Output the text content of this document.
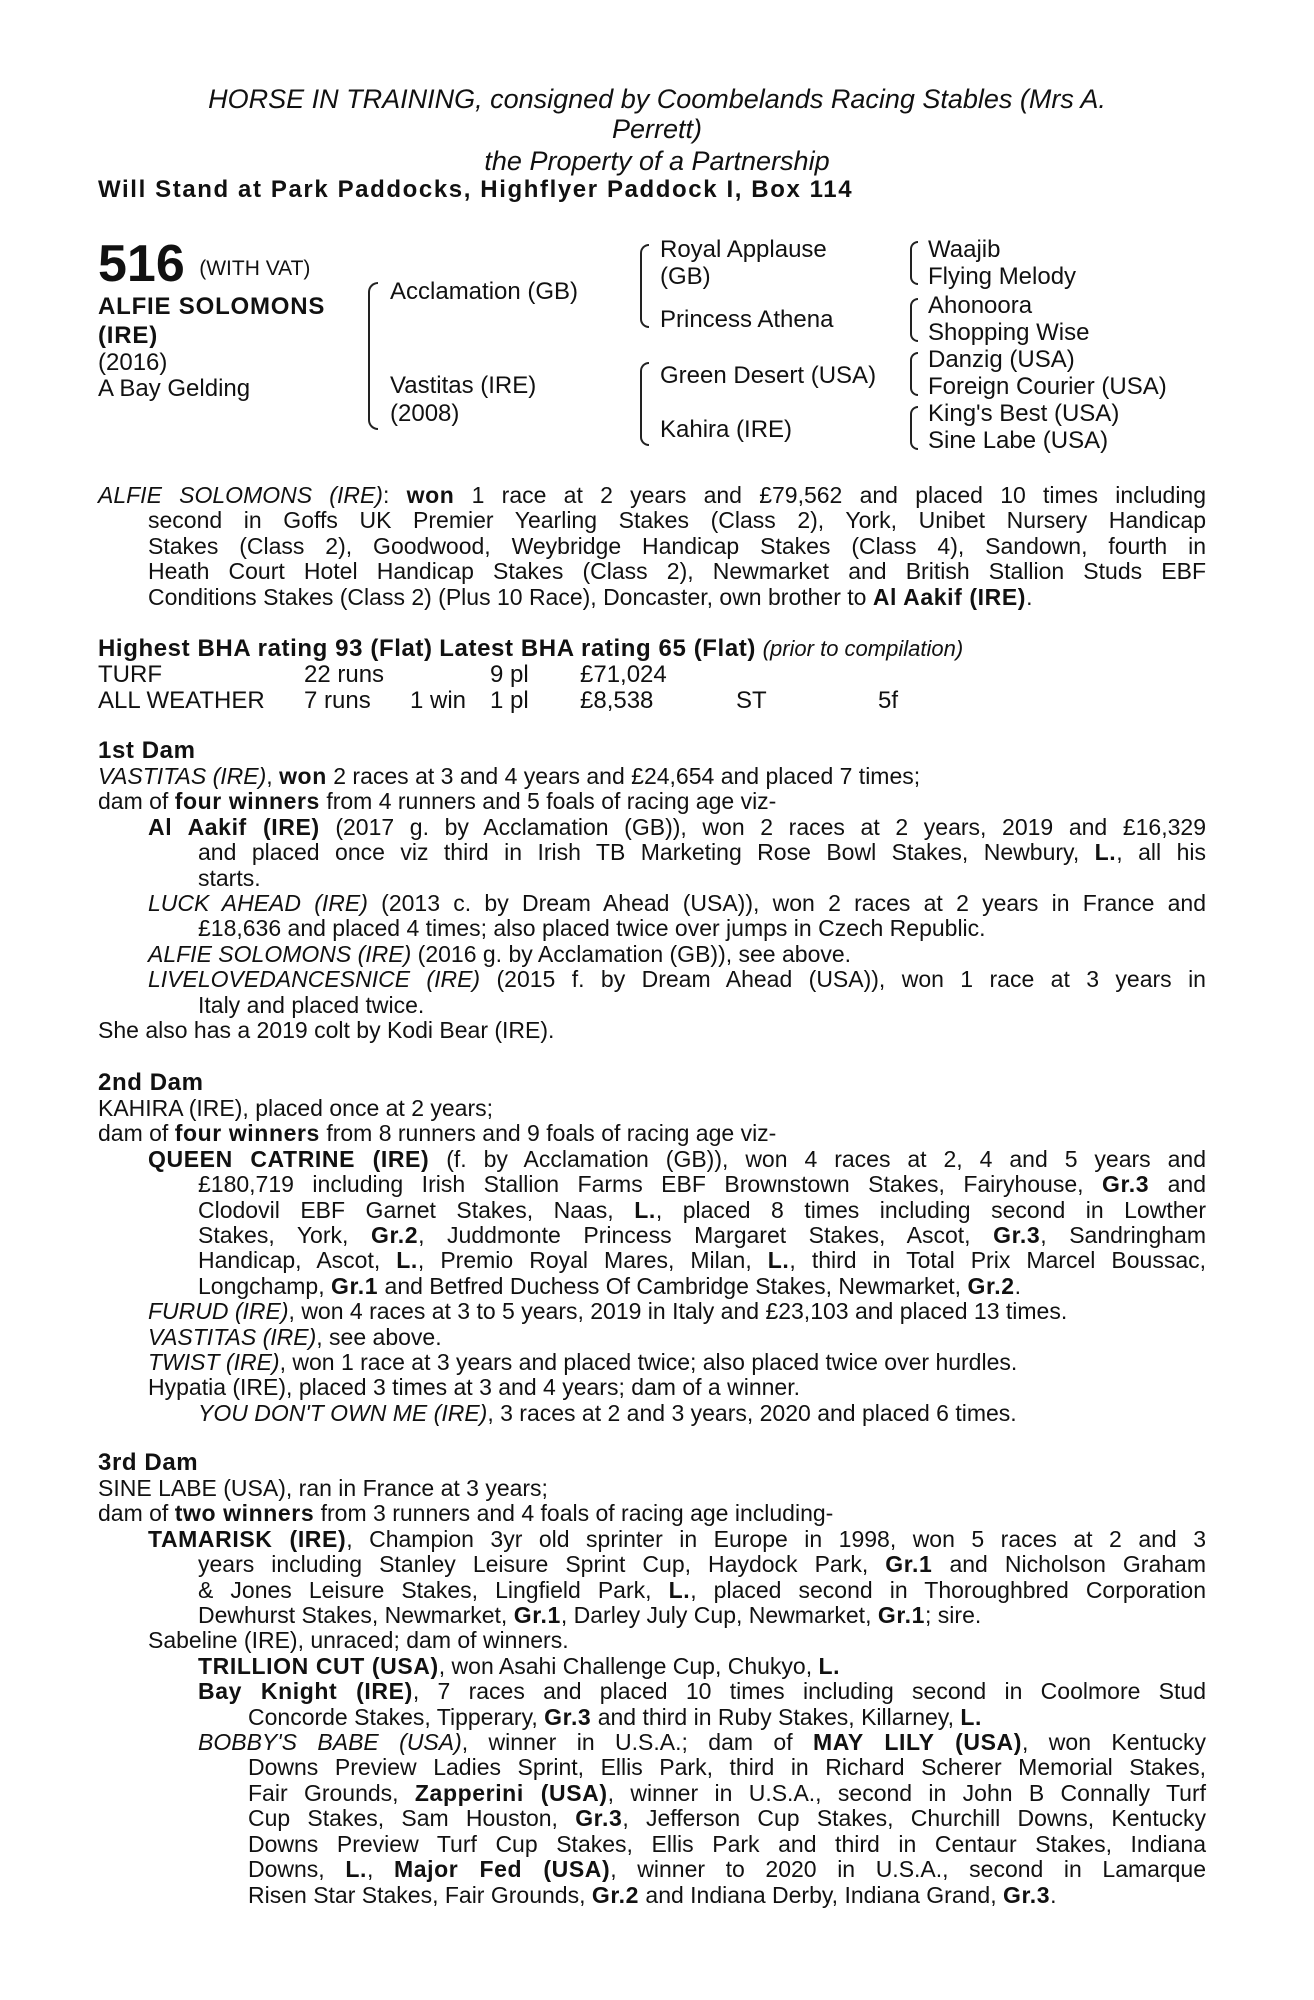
HORSE IN TRAINING, consigned by Coombelands Racing Stables (Mrs A.
Perrett)
the Property of a Partnership
Will Stand at Park Paddocks, Highflyer Paddock I, Box 114
516 (WITH VAT)
ALFIE SOLOMONS
(IRE)
(2016)
A Bay Gelding
Acclamation (GB)
Vastitas (IRE)
(2008)
Royal Applause
(GB)
Princess Athena
Green Desert (USA)
Kahira (IRE)
Waajib
Flying Melody
Ahonoora
Shopping Wise
Danzig (USA)
Foreign Courier (USA)
King's Best (USA)
Sine Labe (USA)
ALFIE SOLOMONS (IRE): won 1 race at 2 years and £79,562 and placed 10 times including
second in Goffs UK Premier Yearling Stakes (Class 2), York, Unibet Nursery Handicap
Stakes (Class 2), Goodwood, Weybridge Handicap Stakes (Class 4), Sandown, fourth in
Heath Court Hotel Handicap Stakes (Class 2), Newmarket and British Stallion Studs EBF
Conditions Stakes (Class 2) (Plus 10 Race), Doncaster, own brother to Al Aakif (IRE).
Highest BHA rating 93 (Flat) Latest BHA rating 65 (Flat) (prior to compilation)
TURF	22 runs	9 pl £71,024
ALL WEATHER 7 runs 1 win 1 pl £8,538	ST	5f
1st Dam
VASTITAS (IRE), won 2 races at 3 and 4 years and £24,654 and placed 7 times;
dam of four winners from 4 runners and 5 foals of racing age viz-
Al Aakif (IRE) (2017 g. by Acclamation (GB)), won 2 races at 2 years, 2019 and £16,329
and placed once viz third in Irish TB Marketing Rose Bowl Stakes, Newbury, L., all his
starts.
LUCK AHEAD (IRE) (2013 c. by Dream Ahead (USA)), won 2 races at 2 years in France and
£18,636 and placed 4 times; also placed twice over jumps in Czech Republic.
ALFIE SOLOMONS (IRE) (2016 g. by Acclamation (GB)), see above.
LIVELOVEDANCESNICE (IRE) (2015 f. by Dream Ahead (USA)), won 1 race at 3 years in
Italy and placed twice.
She also has a 2019 colt by Kodi Bear (IRE).
2nd Dam
KAHIRA (IRE), placed once at 2 years;
dam of four winners from 8 runners and 9 foals of racing age viz-
QUEEN CATRINE (IRE) (f. by Acclamation (GB)), won 4 races at 2, 4 and 5 years and
£180,719 including Irish Stallion Farms EBF Brownstown Stakes, Fairyhouse, Gr.3 and
Clodovil EBF Garnet Stakes, Naas, L., placed 8 times including second in Lowther
Stakes, York, Gr.2, Juddmonte Princess Margaret Stakes, Ascot, Gr.3, Sandringham
Handicap, Ascot, L., Premio Royal Mares, Milan, L., third in Total Prix Marcel Boussac,
Longchamp, Gr.1 and Betfred Duchess Of Cambridge Stakes, Newmarket, Gr.2.
FURUD (IRE), won 4 races at 3 to 5 years, 2019 in Italy and £23,103 and placed 13 times.
VASTITAS (IRE), see above.
TWIST (IRE), won 1 race at 3 years and placed twice; also placed twice over hurdles.
Hypatia (IRE), placed 3 times at 3 and 4 years; dam of a winner.
YOU DON'T OWN ME (IRE), 3 races at 2 and 3 years, 2020 and placed 6 times.
3rd Dam
SINE LABE (USA), ran in France at 3 years;
dam of two winners from 3 runners and 4 foals of racing age including-
TAMARISK (IRE), Champion 3yr old sprinter in Europe in 1998, won 5 races at 2 and 3
years including Stanley Leisure Sprint Cup, Haydock Park, Gr.1 and Nicholson Graham
& Jones Leisure Stakes, Lingfield Park, L., placed second in Thoroughbred Corporation
Dewhurst Stakes, Newmarket, Gr.1, Darley July Cup, Newmarket, Gr.1; sire.
Sabeline (IRE), unraced; dam of winners.
TRILLION CUT (USA), won Asahi Challenge Cup, Chukyo, L.
Bay Knight (IRE), 7 races and placed 10 times including second in Coolmore Stud
Concorde Stakes, Tipperary, Gr.3 and third in Ruby Stakes, Killarney, L.
BOBBY'S BABE (USA), winner in U.S.A.; dam of MAY LILY (USA), won Kentucky
Downs Preview Ladies Sprint, Ellis Park, third in Richard Scherer Memorial Stakes,
Fair Grounds, Zapperini (USA), winner in U.S.A., second in John B Connally Turf
Cup Stakes, Sam Houston, Gr.3, Jefferson Cup Stakes, Churchill Downs, Kentucky
Downs Preview Turf Cup Stakes, Ellis Park and third in Centaur Stakes, Indiana
Downs, L., Major Fed (USA), winner to 2020 in U.S.A., second in Lamarque
Risen Star Stakes, Fair Grounds, Gr.2 and Indiana Derby, Indiana Grand, Gr.3.
